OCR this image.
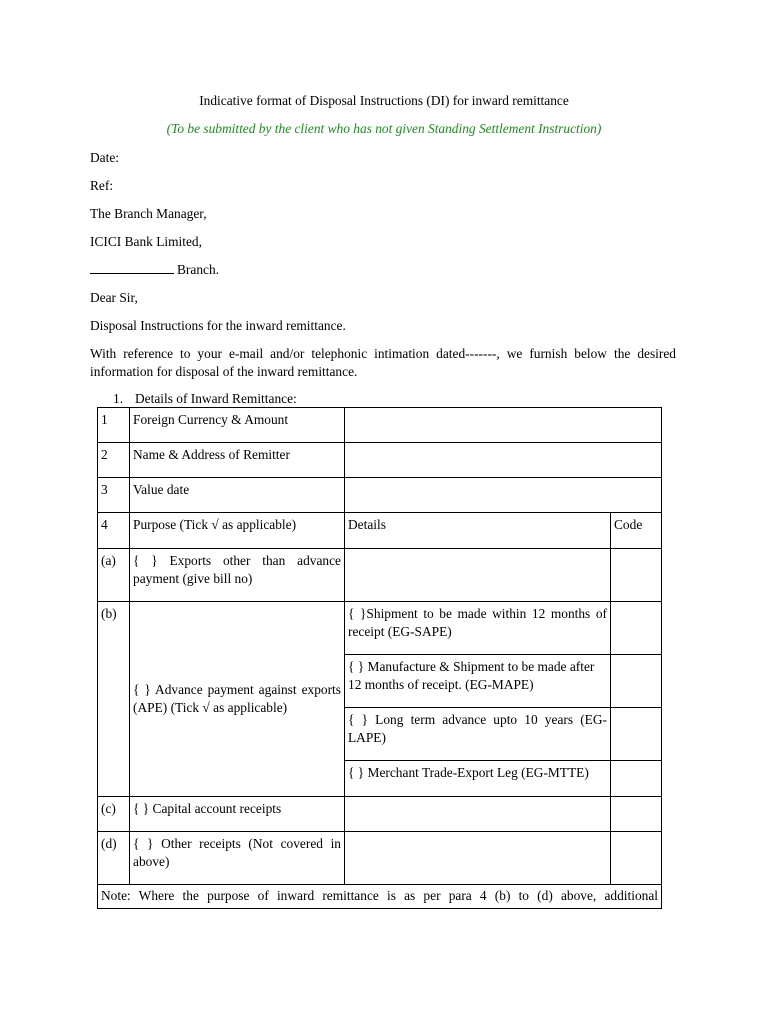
Indicative format of Disposal Instructions (DI) for inward remittance
(To be submitted by the client who has not given Standing Settlement Instruction)
Date:
Ref:
The Branch Manager,
ICICI Bank Limited,
Branch.
Dear Sir,
Disposal Instructions for the inward remittance.
With reference to your e-mail and/or telephonic intimation dated-------, we furnish below the desired information for disposal of the inward remittance.
1. Details of Inward Remittance:
1	Foreign Currency & Amount		
2	Name & Address of Remitter		
3	Value date		
4	Purpose (Tick √ as applicable)	Details	Code
(a)	{ } Exports other than advance payment (give bill no)		
(b)	{ } Advance payment against exports (APE) (Tick √ as applicable)	{ }Shipment to be made within 12 months of receipt (EG-SAPE)	
		{ } Manufacture & Shipment to be made after 12 months of receipt. (EG-MAPE)	
		{ } Long term advance upto 10 years (EG-LAPE)	
		{ } Merchant Trade-Export Leg (EG-MTTE)	
(c)	{ } Capital account receipts		
(d)	{ } Other receipts (Not covered in above)		
Note: Where the purpose of inward remittance is as per para 4 (b) to (d) above, additional			
